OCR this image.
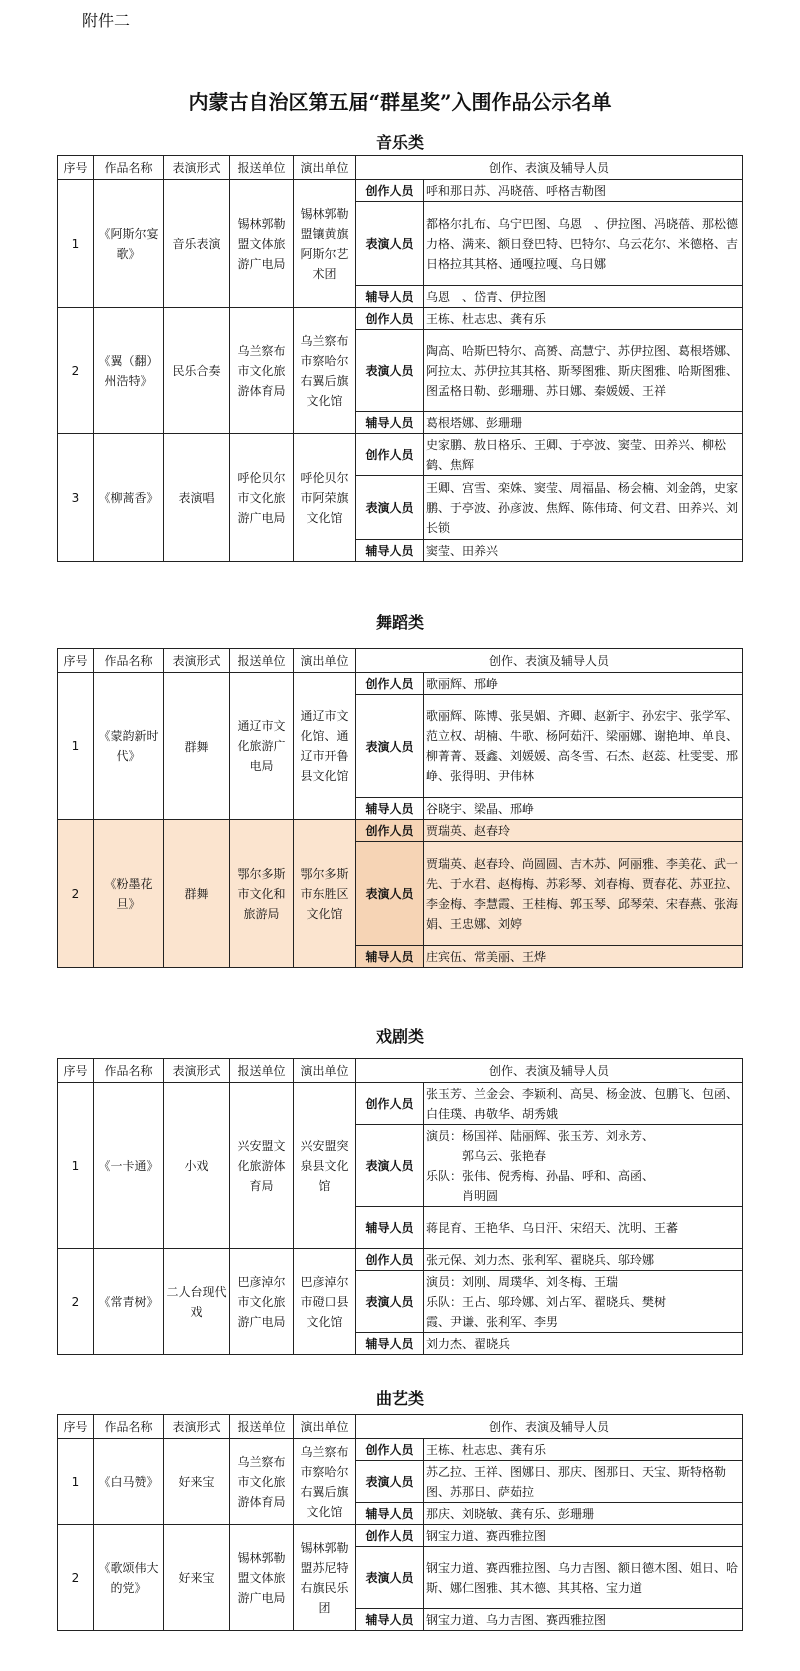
附件二
内蒙古自治区第五届“群星奖”入围作品公示名单
音乐类
序号	作品名称	表演形式	报送单位	演出单位	创作、表演及辅导人员	
1	《阿斯尔宴歌》	音乐表演	锡林郭勒盟文体旅游广电局	锡林郭勒盟镶黄旗阿斯尔艺术团	创作人员	呼和那日苏、冯晓蓓、呼格吉勒图
					表演人员	都格尔扎布、乌宁巴图、乌恩　、伊拉图、冯晓蓓、那松德力格、满来、额日登巴特、巴特尔、乌云花尔、米德格、吉日格拉其其格、通嘎拉嘎、乌日娜
					辅导人员	乌恩　、岱青、伊拉图
2	《翼（翻）州浩特》	民乐合奏	乌兰察布市文化旅游体育局	乌兰察布市察哈尔右翼后旗文化馆	创作人员	王栋、杜志忠、龚有乐
					表演人员	陶高、哈斯巴特尔、高赟、高慧宁、苏伊拉图、葛根塔娜、阿拉太、苏伊拉其其格、斯琴图雅、斯庆图雅、哈斯图雅、图孟格日勒、彭珊珊、苏日娜、秦媛媛、王祥
					辅导人员	葛根塔娜、彭珊珊
3	《柳蒿香》	表演唱	呼伦贝尔市文化旅游广电局	呼伦贝尔市阿荣旗文化馆	创作人员	史家鹏、敖日格乐、王卿、于亭波、窦莹、田养兴、柳松鹤、焦辉
					表演人员	王卿、宫雪、栾姝、窦莹、周福晶、杨会楠、刘金鸽，史家鹏、于亭波、孙彦波、焦辉、陈伟琦、何文君、田养兴、刘长锁
					辅导人员	窦莹、田养兴
舞蹈类
序号	作品名称	表演形式	报送单位	演出单位	创作、表演及辅导人员	
1	《蒙韵新时代》	群舞	通辽市文化旅游广电局	通辽市文化馆、通辽市开鲁县文化馆	创作人员	歌丽辉、邢峥
					表演人员	歌丽辉、陈博、张昊媚、齐卿、赵新宇、孙宏宇、张学军、范立权、胡楠、牛歌、杨阿茹汗、梁丽娜、谢艳坤、单良、柳菁菁、聂鑫、刘媛媛、高冬雪、石杰、赵蕊、杜雯雯、邢峥、张得明、尹伟林
					辅导人员	谷晓宇、梁晶、邢峥
2	《粉墨花旦》	群舞	鄂尔多斯市文化和旅游局	鄂尔多斯市东胜区文化馆	创作人员	贾瑞英、赵春玲
					表演人员	贾瑞英、赵春玲、尚圆圆、吉木苏、阿丽雅、李美花、武一先、于水君、赵梅梅、苏彩琴、刘春梅、贾春花、苏亚拉、李金梅、李慧霞、王桂梅、郭玉琴、邱琴荣、宋春燕、张海娟、王忠娜、刘婷
					辅导人员	庄宾伍、常美丽、王烨
戏剧类
序号	作品名称	表演形式	报送单位	演出单位	创作、表演及辅导人员	
1	《一卡通》	小戏	兴安盟文化旅游体育局	兴安盟突泉县文化馆	创作人员	张玉芳、兰金会、李颖利、高昊、杨金波、包鹏飞、包函、白佳璞、冉敬华、胡秀娥
					表演人员	演员：杨国祥、陆丽辉、张玉芳、刘永芳、
　　　郭乌云、张艳春
乐队：张伟、倪秀梅、孙晶、呼和、高函、
　　　肖明圆

					辅导人员	蒋昆育、王艳华、乌日汗、宋绍天、沈明、王蕃
2	《常青树》	二人台现代戏	巴彦淖尔市文化旅游广电局	巴彦淖尔市磴口县文化馆	创作人员	张元保、刘力杰、张利军、翟晓兵、邬玲娜
					表演人员	演员：刘刚、周璞华、刘冬梅、王瑞
乐队：王占、邬玲娜、刘占军、翟晓兵、樊树
霞、尹谦、张利军、李男

					辅导人员	刘力杰、翟晓兵
曲艺类
序号	作品名称	表演形式	报送单位	演出单位	创作、表演及辅导人员	
1	《白马赞》	好来宝	乌兰察布市文化旅游体育局	乌兰察布市察哈尔右翼后旗文化馆	创作人员	王栋、杜志忠、龚有乐
					表演人员	苏乙拉、王祥、图娜日、那庆、图那日、天宝、斯特格勒图、苏那日、萨茹拉
					辅导人员	那庆、刘晓敏、龚有乐、彭珊珊
2	《歌颂伟大的党》	好来宝	锡林郭勒盟文体旅游广电局	锡林郭勒盟苏尼特右旗民乐团	创作人员	钢宝力道、赛西雅拉图
					表演人员	钢宝力道、赛西雅拉图、乌力吉图、额日德木图、姐日、哈斯、娜仁图雅、其木德、其其格、宝力道
					辅导人员	钢宝力道、乌力吉图、赛西雅拉图
